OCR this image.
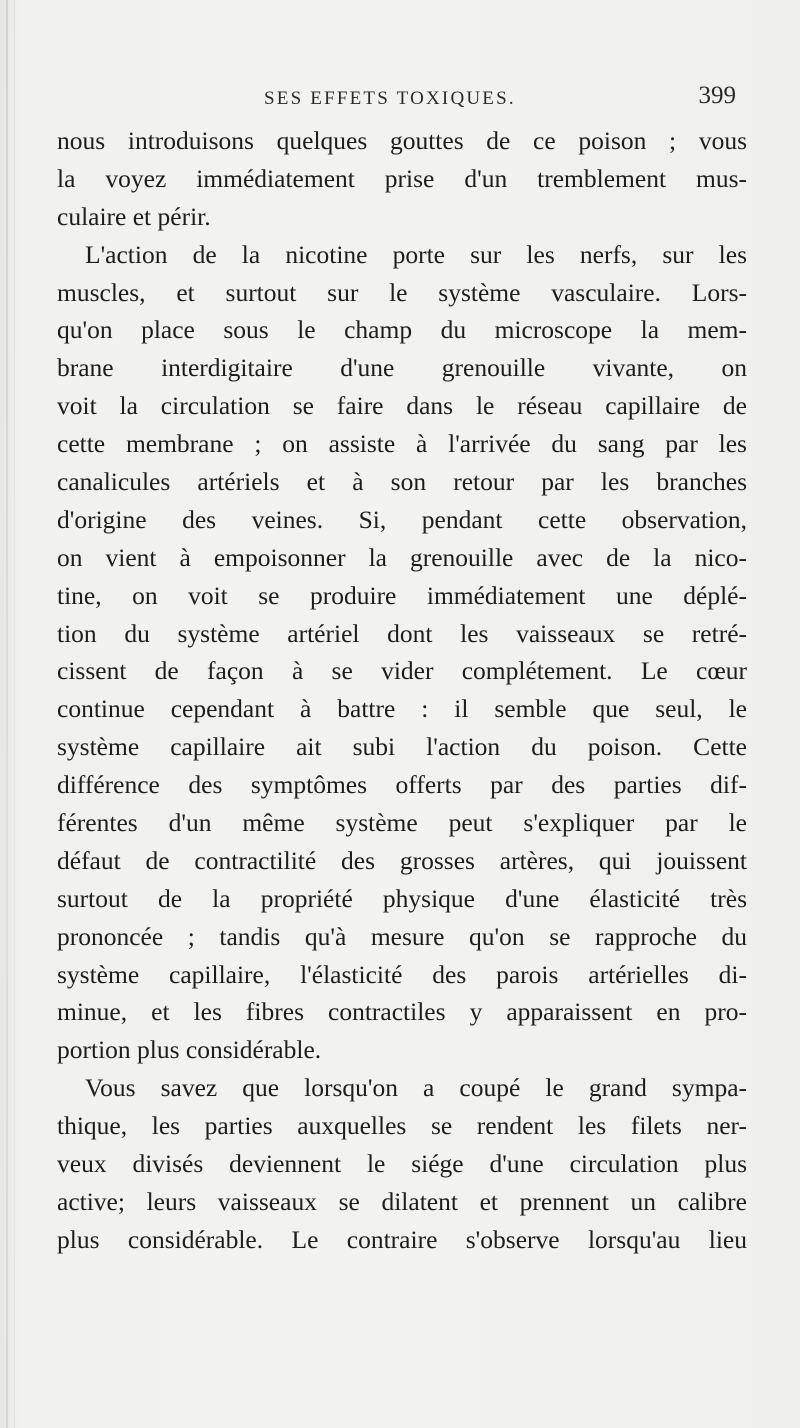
SES EFFETS TOXIQUES.	399
nous introduisons quelques gouttes de ce poison ; vous
la voyez immédiatement prise d'un tremblement mus-
culaire et périr.
L'action de la nicotine porte sur les nerfs, sur les
muscles, et surtout sur le système vasculaire. Lors-
qu'on place sous le champ du microscope la mem-
brane interdigitaire d'une grenouille vivante, on
voit la circulation se faire dans le réseau capillaire de
cette membrane ; on assiste à l'arrivée du sang par les
canalicules artériels et à son retour par les branches
d'origine des veines. Si, pendant cette observation,
on vient à empoisonner la grenouille avec de la nico-
tine, on voit se produire immédiatement une déplé-
tion du système artériel dont les vaisseaux se retré-
cissent de façon à se vider complétement. Le cœur
continue cependant à battre : il semble que seul, le
système capillaire ait subi l'action du poison. Cette
différence des symptômes offerts par des parties dif-
férentes d'un même système peut s'expliquer par le
défaut de contractilité des grosses artères, qui jouissent
surtout de la propriété physique d'une élasticité très
prononcée ; tandis qu'à mesure qu'on se rapproche du
système capillaire, l'élasticité des parois artérielles di-
minue, et les fibres contractiles y apparaissent en pro-
portion plus considérable.
Vous savez que lorsqu'on a coupé le grand sympa-
thique, les parties auxquelles se rendent les filets ner-
veux divisés deviennent le siége d'une circulation plus
active; leurs vaisseaux se dilatent et prennent un calibre
plus considérable. Le contraire s'observe lorsqu'au lieu
